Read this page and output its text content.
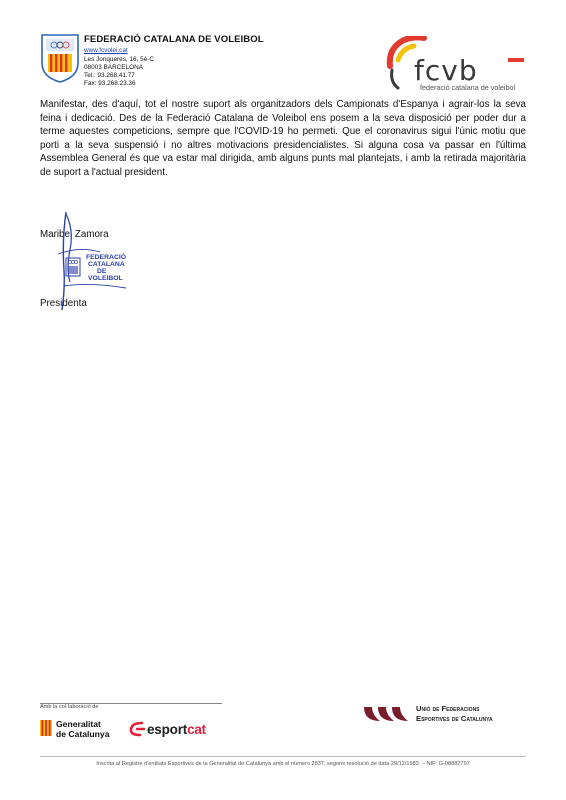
FEDERACIÓ CATALANA DE VOLEIBOL
www.fcvolei.cat
Les Jonqueres, 16, 5è-C
08003 BARCELONA
Tel.: 93.268.41.77
Fax: 93.268.23.36	fcvb
federació catalana de voleibol
Manifestar, des d'aquí, tot el nostre suport als organitzadors dels Campionats d'Espanya i agrair-los la seva feina i dedicació. Des de la Federació Catalana de Voleibol ens posem a la seva disposició per poder dur a terme aquestes competicions, sempre que l'COVID-19 ho permeti. Que el coronavirus sigui l'únic motiu que porti a la seva suspensió i no altres motivacions presidencialistes. Si alguna cosa va passar en l'última Assemblea General és que va estar mal dirigida, amb alguns punts mal plantejats, i amb la retirada majoritària de suport a l'actual president.
Maribel Zamora
FEDERACIÓ
CATALANA
DE
VOLEIBOL
Presidenta
Amb la col·laboració de
Generalitat
de Catalunya	esportcat
Unió de Federacions
Esportives de Catalunya
Inscrita al Registre d'entitats Esportives de la Generalitat de Catalunya amb el número 2837, segons resolució de data 29/12/1983. – NIF: G-08882797
